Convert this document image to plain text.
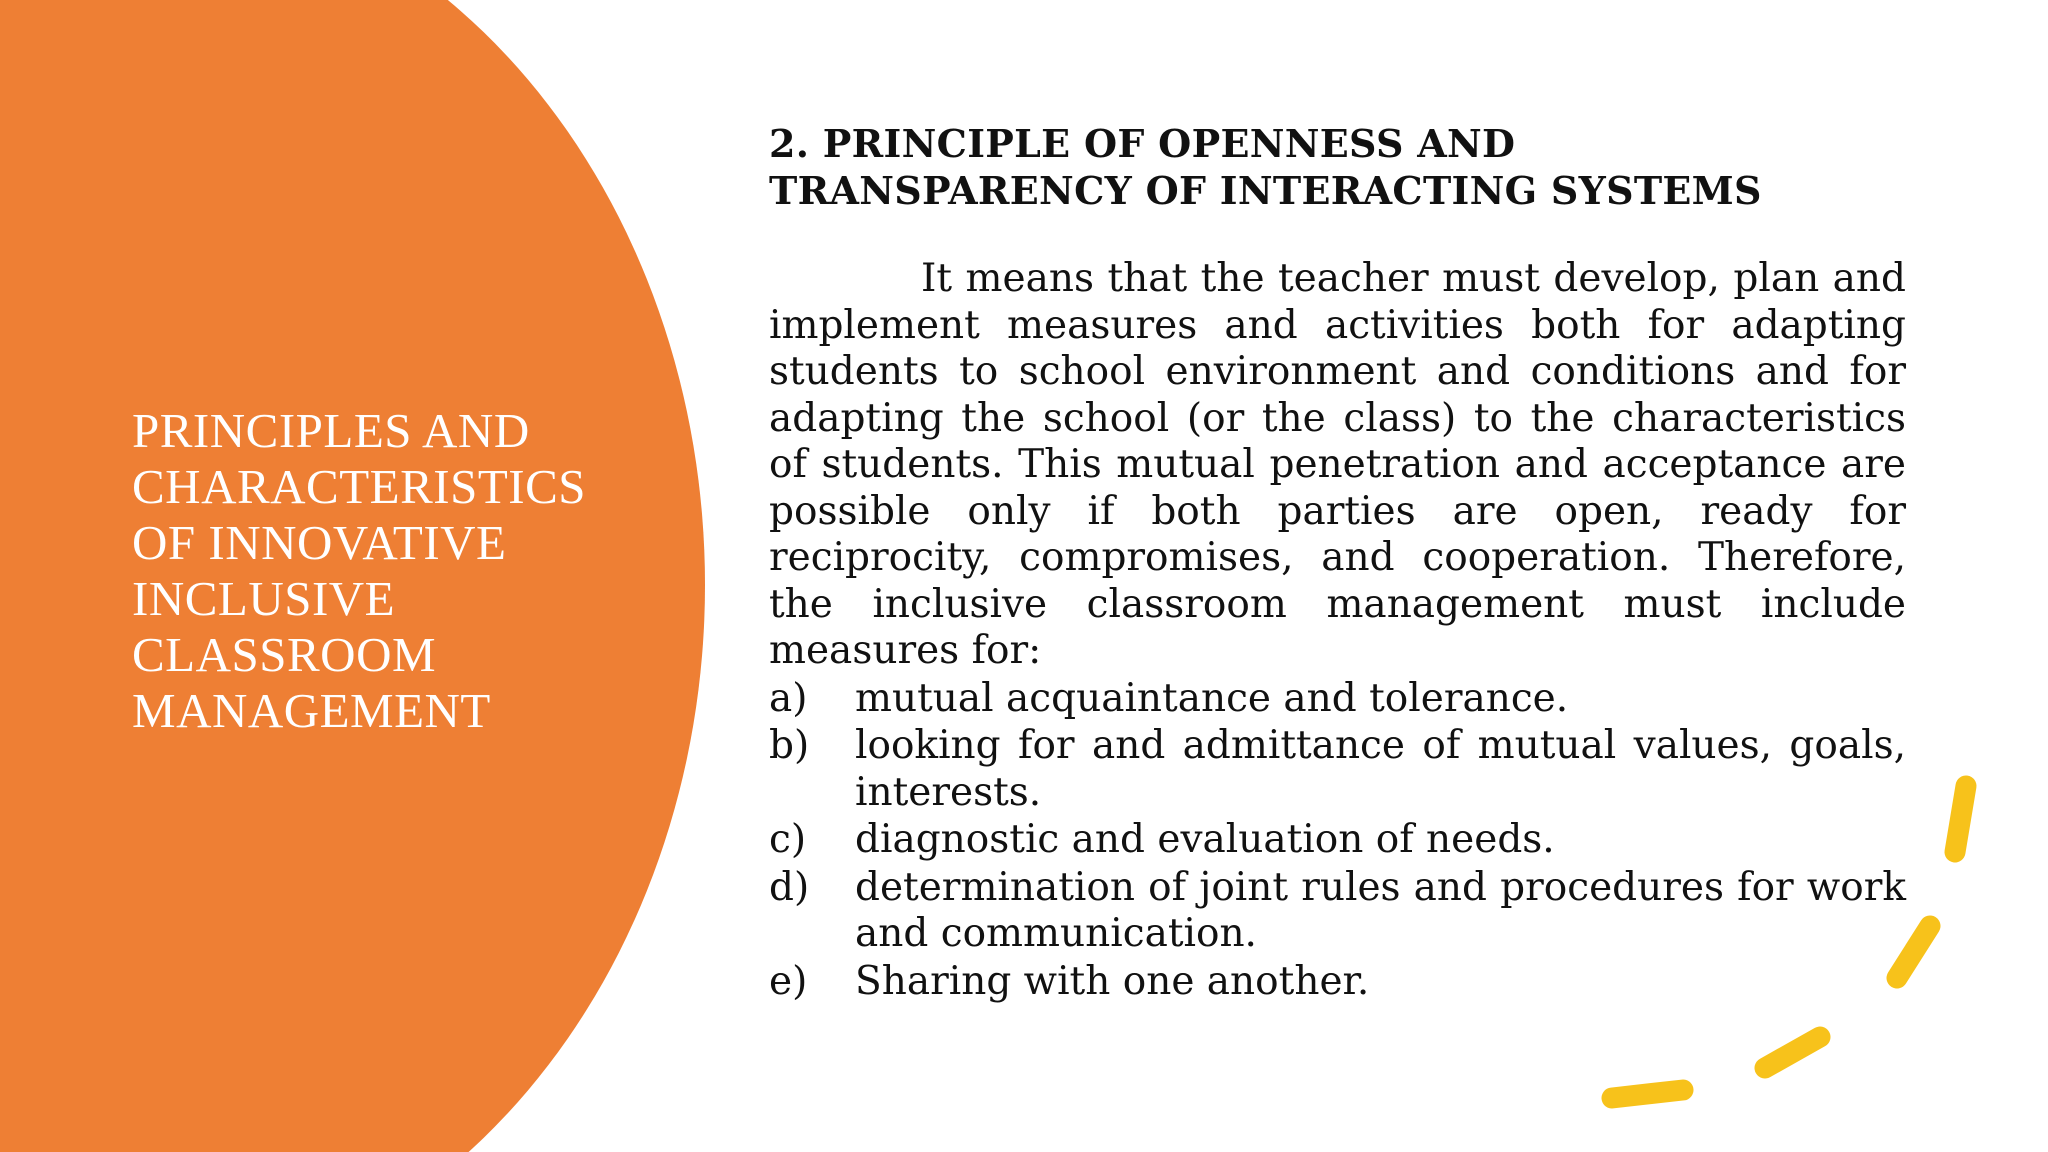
PRINCIPLES AND
CHARACTERISTICS
OF INNOVATIVE
INCLUSIVE
CLASSROOM
MANAGEMENT
2. PRINCIPLE OF OPENNESS AND
TRANSPARENCY OF INTERACTING SYSTEMS

It means that the teacher must develop, plan and implement measures and activities both for adapting students to school environment and conditions and for adapting the school (or the class) to the characteristics of students. This mutual penetration and acceptance are possible only if both parties are open, ready for reciprocity, compromises, and cooperation. Therefore, the inclusive classroom management must include measures for:

a)	mutual acquaintance and tolerance.
b)	looking for and admittance of mutual values, goals, interests.
c)	diagnostic and evaluation of needs.
d)	determination of joint rules and procedures for work and communication.
e)	Sharing with one another.
